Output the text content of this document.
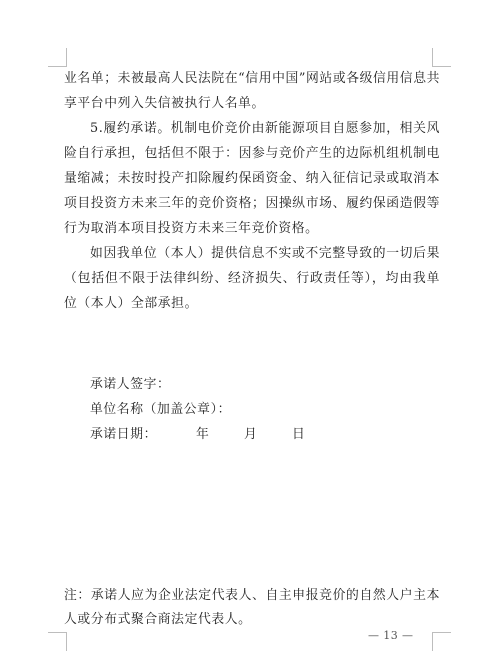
业名单；未被最高人民法院在“信用中国”网站或各级信用信息共享平台中列入失信被执行人名单。

5.履约承诺。机制电价竞价由新能源项目自愿参加，相关风险自行承担，包括但不限于：因参与竞价产生的边际机组机制电量缩减；未按时投产扣除履约保函资金、纳入征信记录或取消本项目投资方未来三年的竞价资格；因操纵市场、履约保函造假等行为取消本项目投资方未来三年竞价资格。

如因我单位（本人）提供信息不实或不完整导致的一切后果（包括但不限于法律纠纷、经济损失、行政责任等），均由我单位（本人）全部承担。

承诺人签字：
单位名称（加盖公章）：
承诺日期：	年	月	日

注：承诺人应为企业法定代表人、自主申报竞价的自然人户主本人或分布式聚合商法定代表人。

— 13 —
